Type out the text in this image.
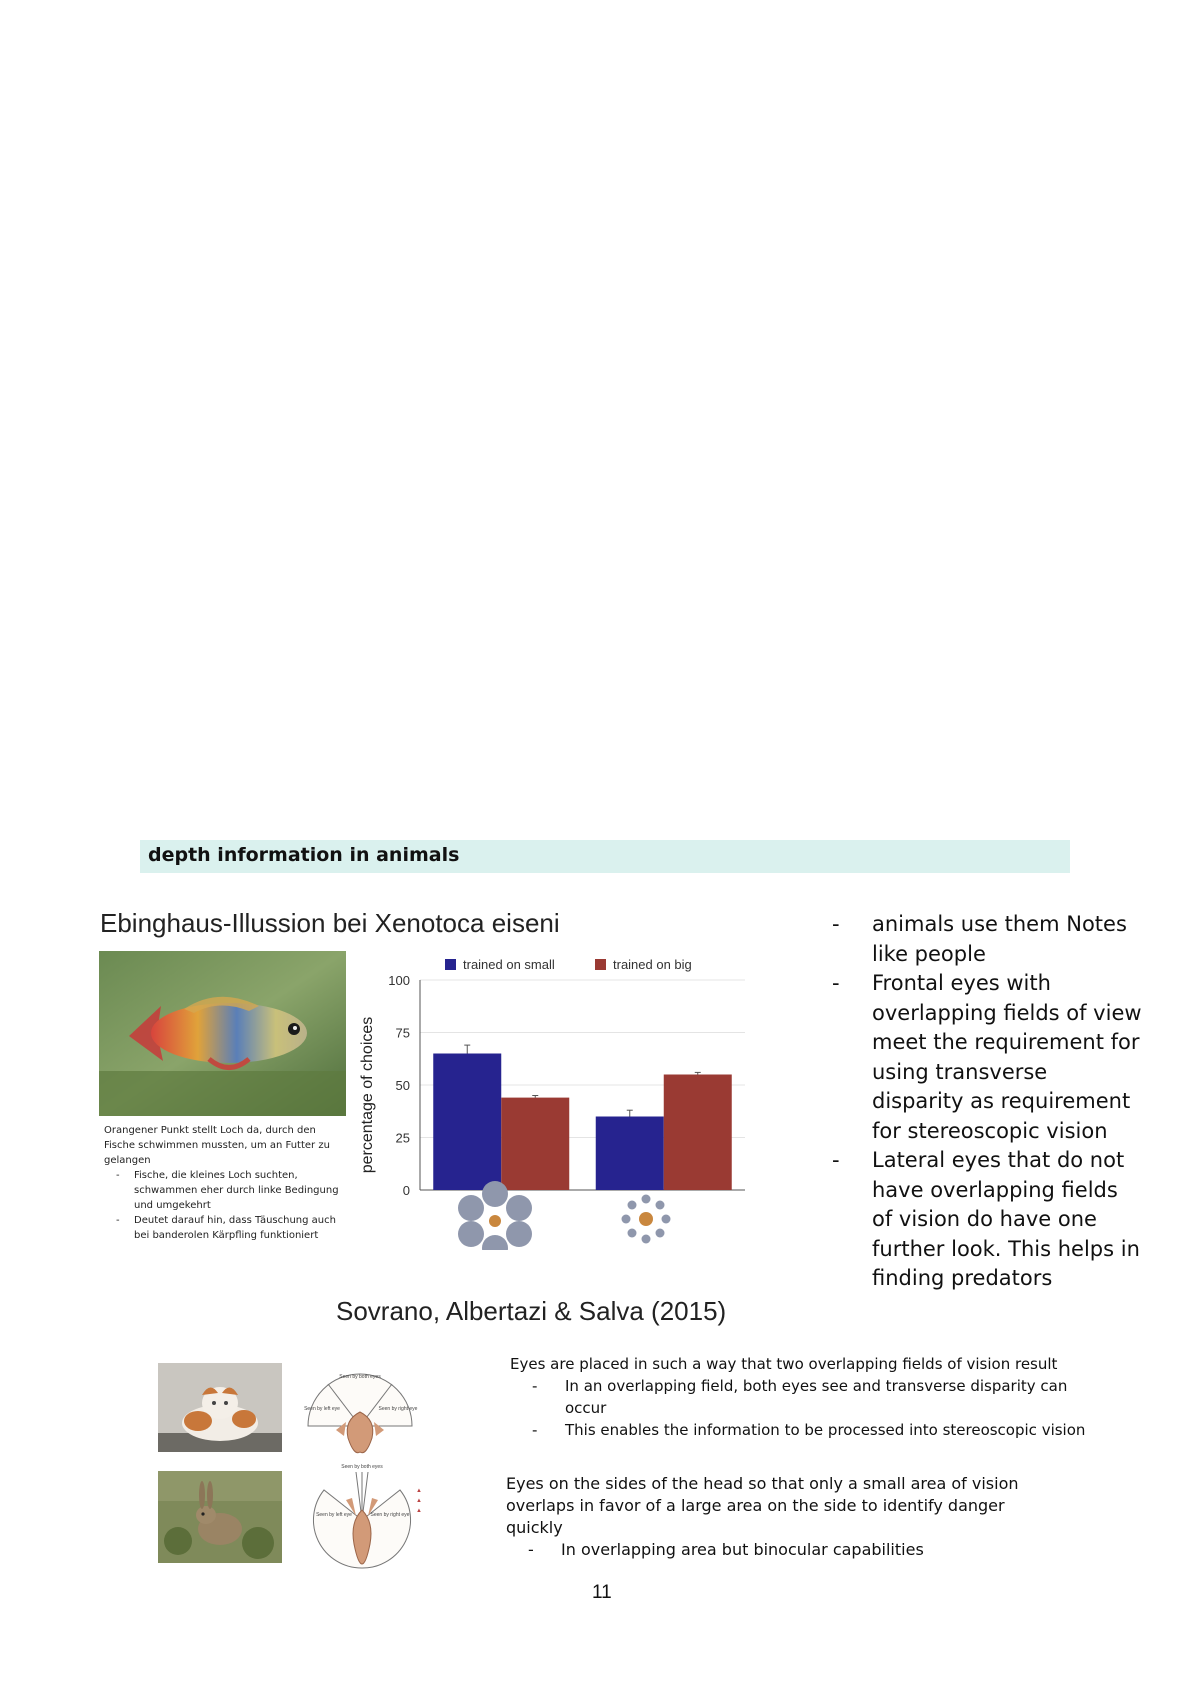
depth information in animals
Ebinghaus-Illussion bei Xenotoca eiseni
Orangener Punkt stellt Loch da, durch den Fische schwimmen mussten, um an Futter zu gelangen
- Fische, die kleines Loch suchten, schwammen eher durch linke Bedingung und umgekehrt
- Deutet darauf hin, dass Täuschung auch bei banderolen Kärpfling funktioniert
trained on small	trained on big
0
25
50
75
100
percentage of choices
Sovrano, Albertazi & Salva (2015)
- animals use them Notes like people
- Frontal eyes with overlapping fields of view meet the requirement for using transverse disparity as requirement for stereoscopic vision
- Lateral eyes that do not have overlapping fields of vision do have one further look. This helps in finding predators
Seen by both eyes
Seen by left eye	Seen by right eye
Seen by both eyes
Seen by left eye	Seen by right eye
▲
▲
▲
Eyes are placed in such a way that two overlapping fields of vision result
- In an overlapping field, both eyes see and transverse disparity can occur
- This enables the information to be processed into stereoscopic vision
Eyes on the sides of the head so that only a small area of vision overlaps in favor of a large area on the side to identify danger quickly
- In overlapping area but binocular capabilities
11
